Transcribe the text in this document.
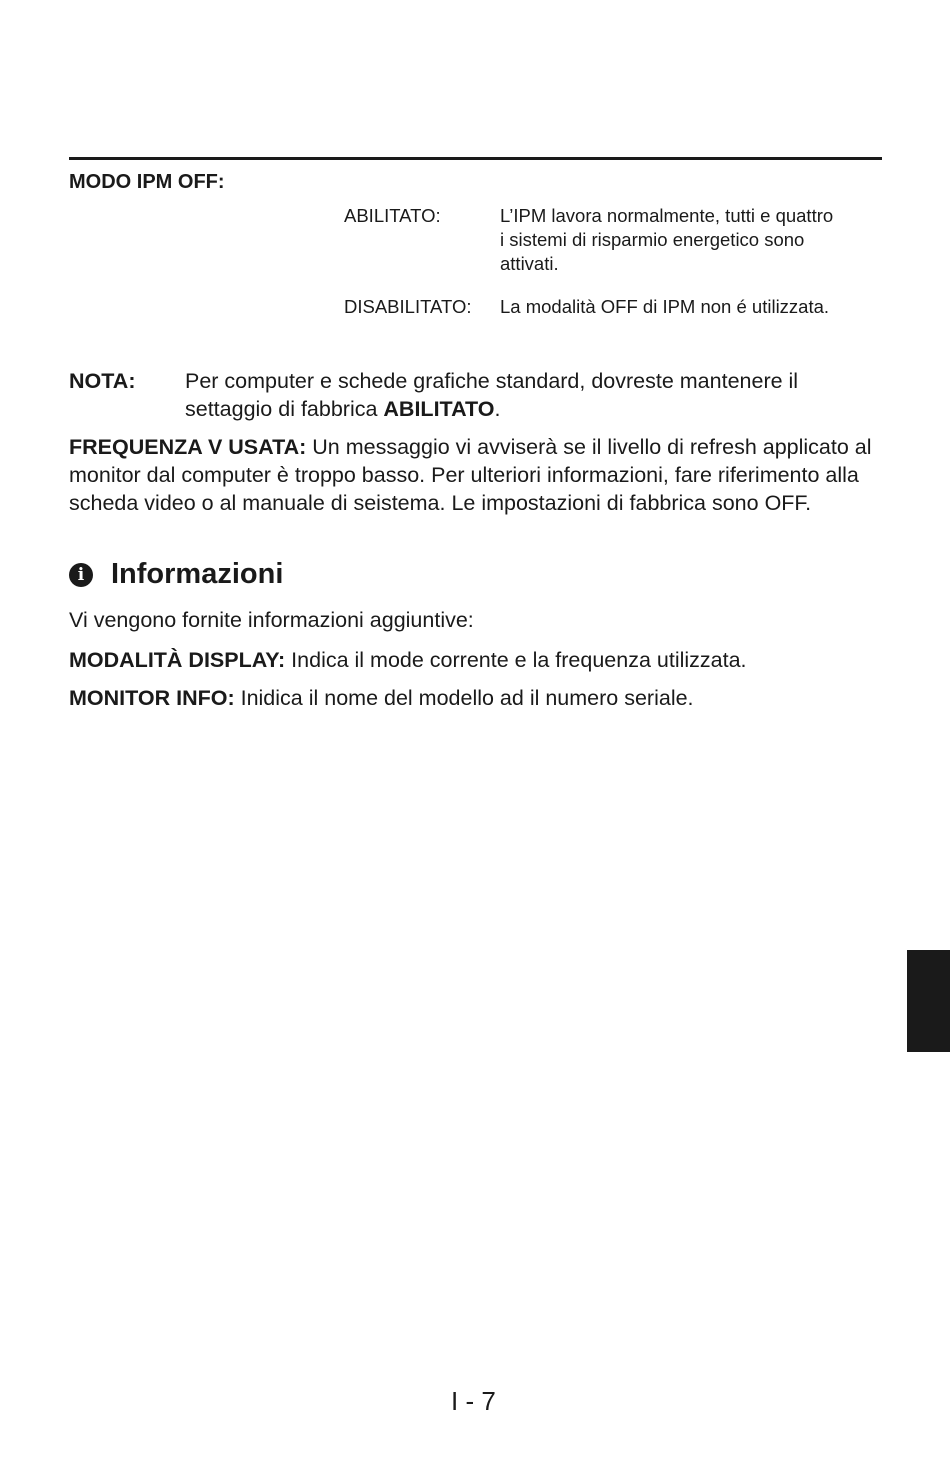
MODO IPM OFF:
ABILITATO:	L’IPM lavora normalmente, tutti e quattro i sistemi di risparmio energetico sono attivati.
DISABILITATO: La modalità OFF di IPM non é utilizzata.
NOTA: Per computer e schede grafiche standard, dovreste mantenere il settaggio di fabbrica ABILITATO.
FREQUENZA V USATA: Un messaggio vi avviserà se il livello di refresh applicato al monitor dal computer è troppo basso. Per ulteriori informazioni, fare riferimento alla scheda video o al manuale di seistema. Le impostazioni di fabbrica sono OFF.
i Informazioni
Vi vengono fornite informazioni aggiuntive:
MODALITÀ DISPLAY: Indica il mode corrente e la frequenza utilizzata.
MONITOR INFO: Inidica il nome del modello ad il numero seriale.
I - 7
